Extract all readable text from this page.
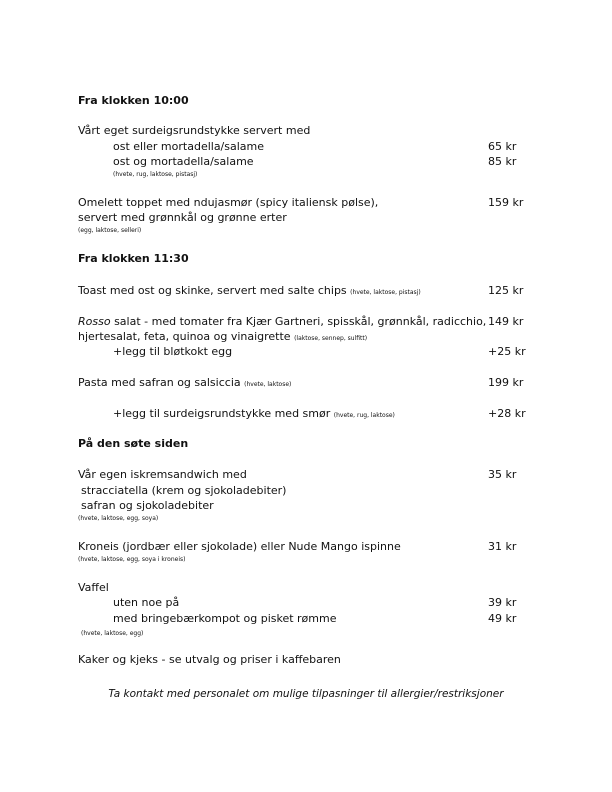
Fra klokken 10:00
Vårt eget surdeigsrundstykke servert med
ost eller mortadella/salame	65 kr
ost og mortadella/salame	85 kr
(hvete, rug, laktose, pistasj)
Omelett toppet med ndujasmør (spicy italiensk pølse),	159 kr
servert med grønnkål og grønne erter
(egg, laktose, selleri)
Fra klokken 11:30
Toast med ost og skinke, servert med salte chips (hvete, laktose, pistasj)	125 kr
Rosso salat - med tomater fra Kjær Gartneri, spisskål, grønnkål, radicchio, 149 kr
hjertesalat, feta, quinoa og vinaigrette (laktose, sennep, sulfitt)
+legg til bløtkokt egg	+25 kr
Pasta med safran og salsiccia (hvete, laktose)	199 kr
+legg til surdeigsrundstykke med smør (hvete, rug, laktose)	+28 kr
På den søte siden
Vår egen iskremsandwich med	35 kr
stracciatella (krem og sjokoladebiter)
safran og sjokoladebiter
(hvete, laktose, egg, soya)
Kroneis (jordbær eller sjokolade) eller Nude Mango ispinne	31 kr
(hvete, laktose, egg, soya i kroneis)
Vaffel
uten noe på	39 kr
med bringebærkompot og pisket rømme	49 kr
(hvete, laktose, egg)
Kaker og kjeks - se utvalg og priser i kaffebaren
Ta kontakt med personalet om mulige tilpasninger til allergier/restriksjoner
